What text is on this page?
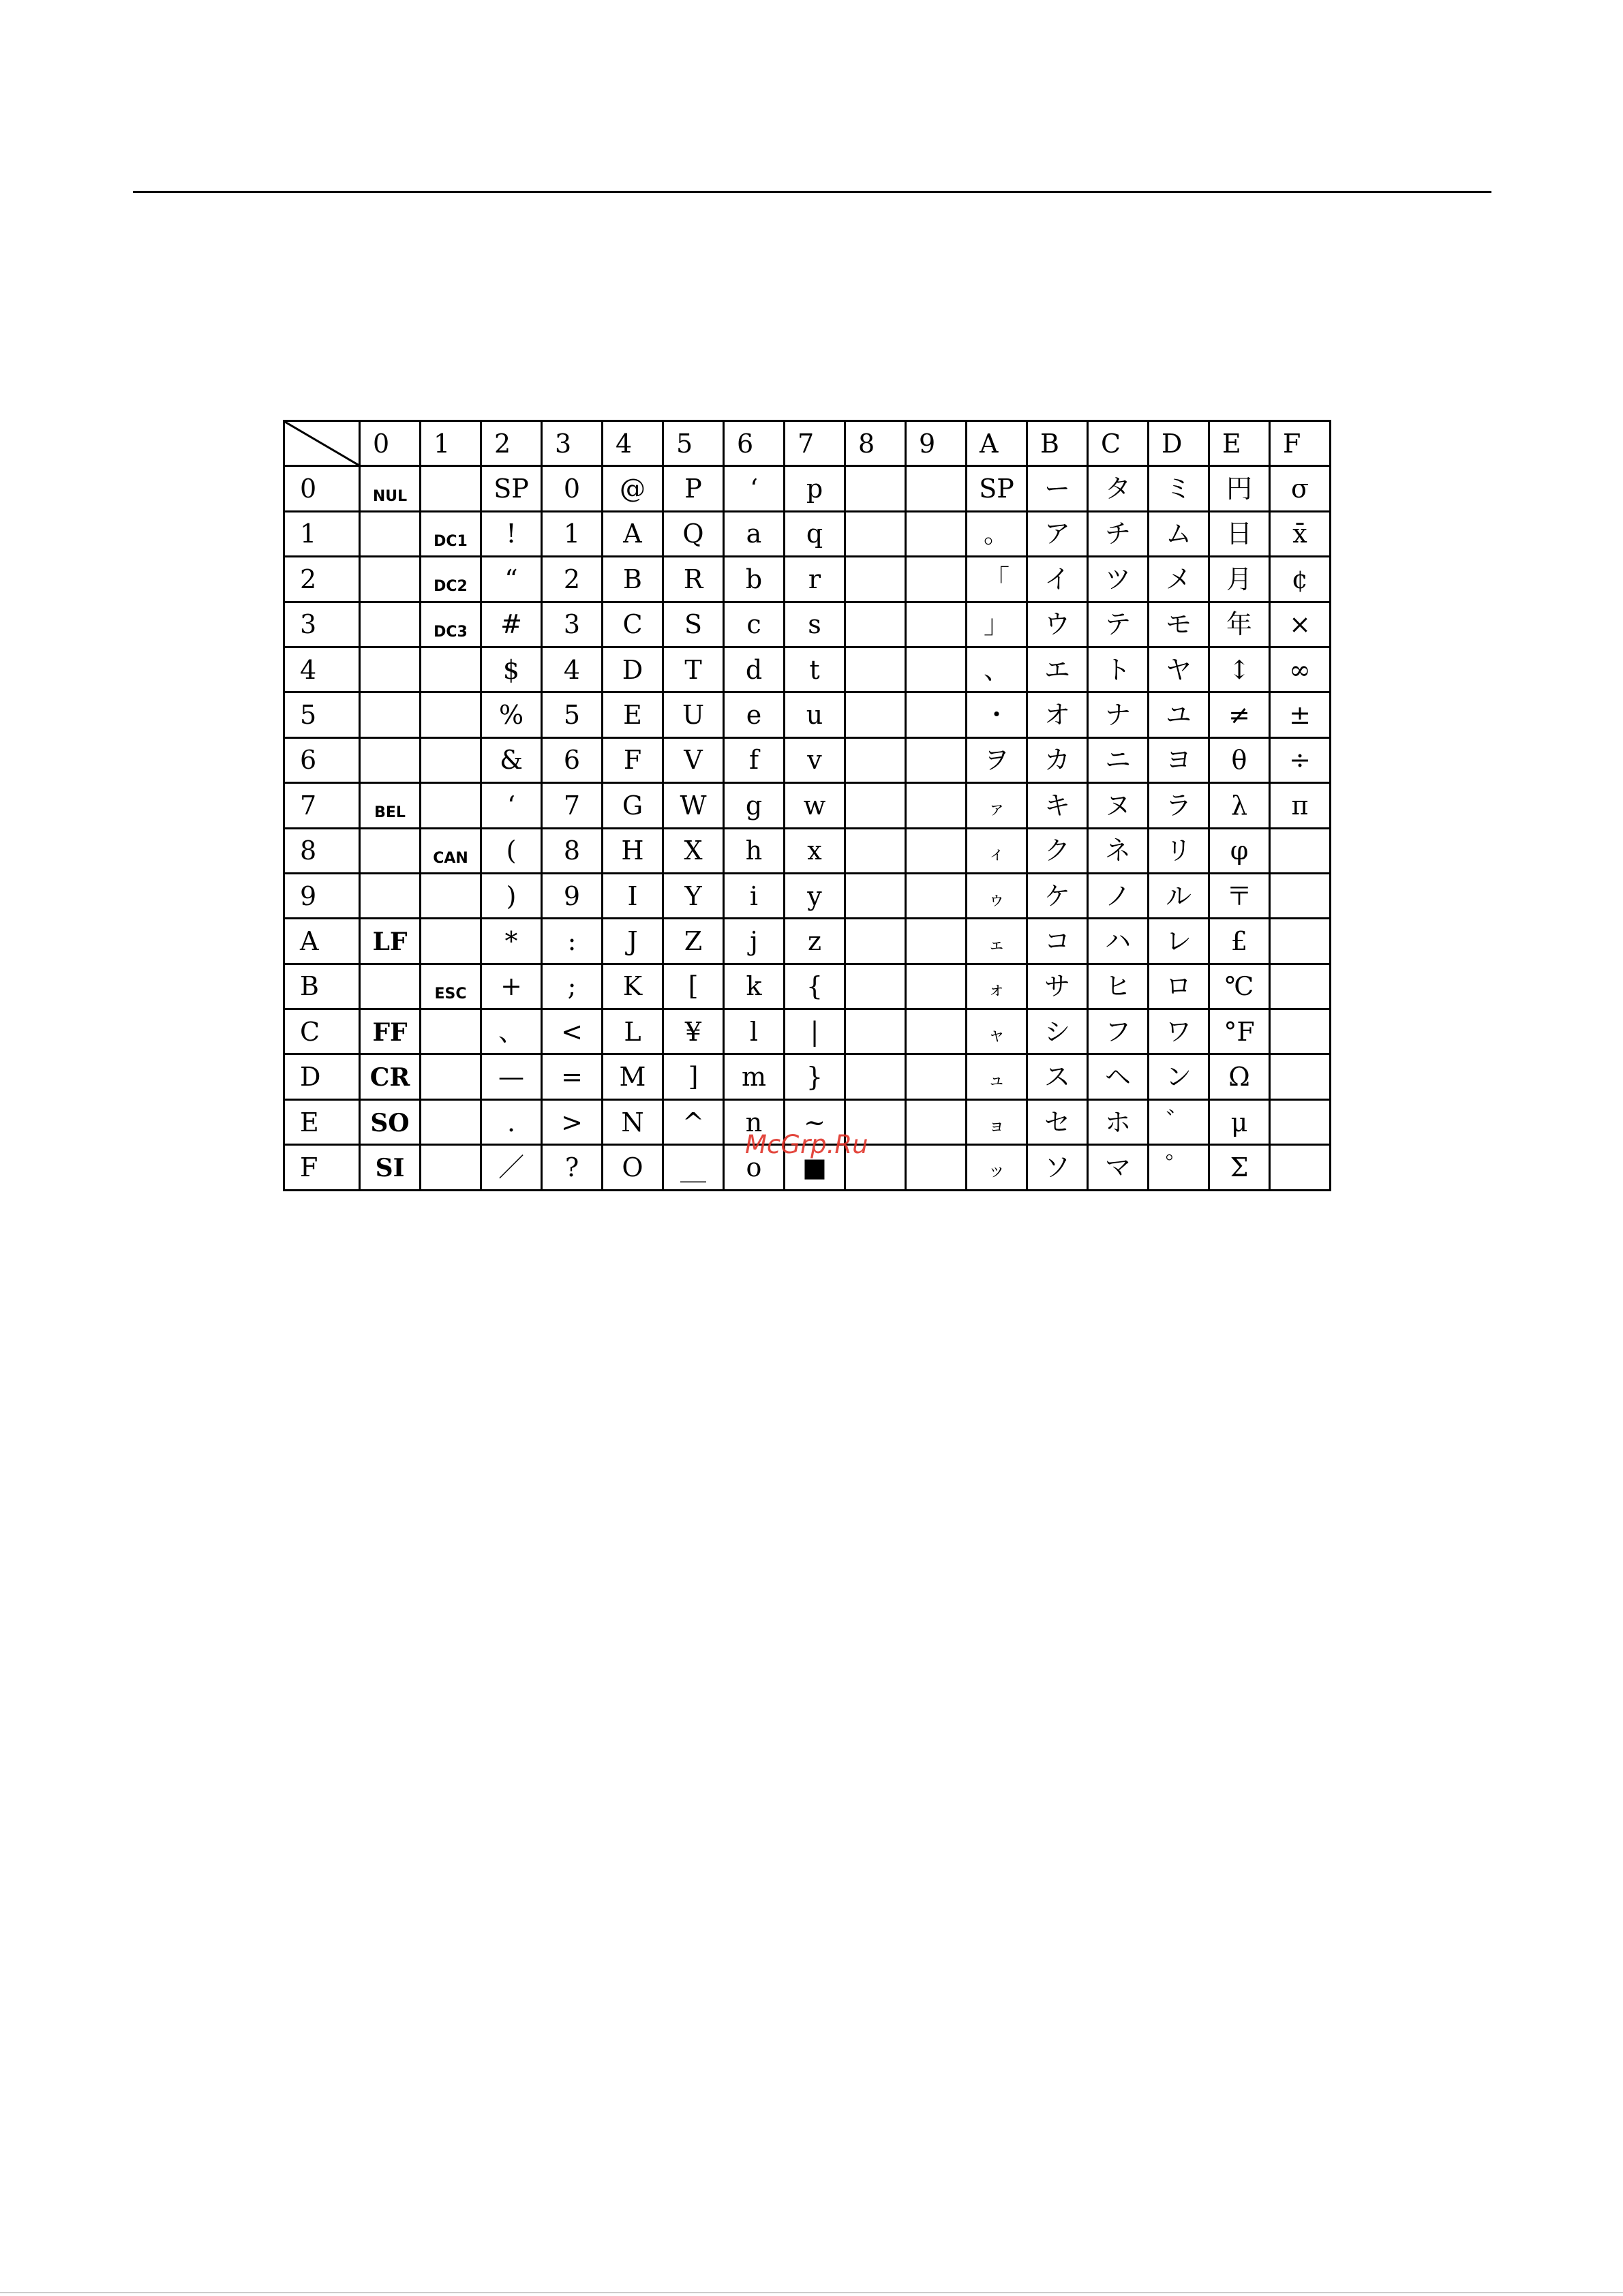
	0	1	2	3	4	5	6	7	8	9	A	B	C	D	E	F
0	$_{NUL}$		SP	0	@	P	‘	p			SP	ー	タ	ミ	円	σ
1		$_{DC1}$	!	1	A	Q	a	q			。	ア	チ	ム	日	x̄
2		$_{DC2}$	“	2	B	R	b	r			「	イ	ツ	メ	月	¢
3		$_{DC3}$	#	3	C	S	c	s			」	ウ	テ	モ	年	×
4			$	4	D	T	d	t			、	エ	ト	ヤ	↕	∞
5			%	5	E	U	e	u			・	オ	ナ	ユ	≠	±
6			&	6	F	V	f	v			ヲ	カ	ニ	ヨ	θ	÷
7	$_{BEL}$		‘	7	G	W	g	w			ァ	キ	ヌ	ラ	λ	π
8		$_{CAN}$	(	8	H	X	h	x			ィ	ク	ネ	リ	φ	
9			)	9	I	Y	i	y			ゥ	ケ	ノ	ル	〒	
A	LF		*	:	J	Z	j	z			ェ	コ	ハ	レ	£	
B		$_{ESC}$	+	;	K	[	k	{			ォ	サ	ヒ	ロ	℃	
C	FF		、	<	L	¥	l	|			ャ	シ	フ	ワ	°F	
D	CR		—	=	M	]	m	}			ュ	ス	ヘ	ン	Ω	
E	SO		.	>	N	^	n	~			ョ	セ	ホ	゛	μ	
F	SI		／	?	O	__	o	■			ッ	ソ	マ	゜	Σ	
McGrp.Ru
